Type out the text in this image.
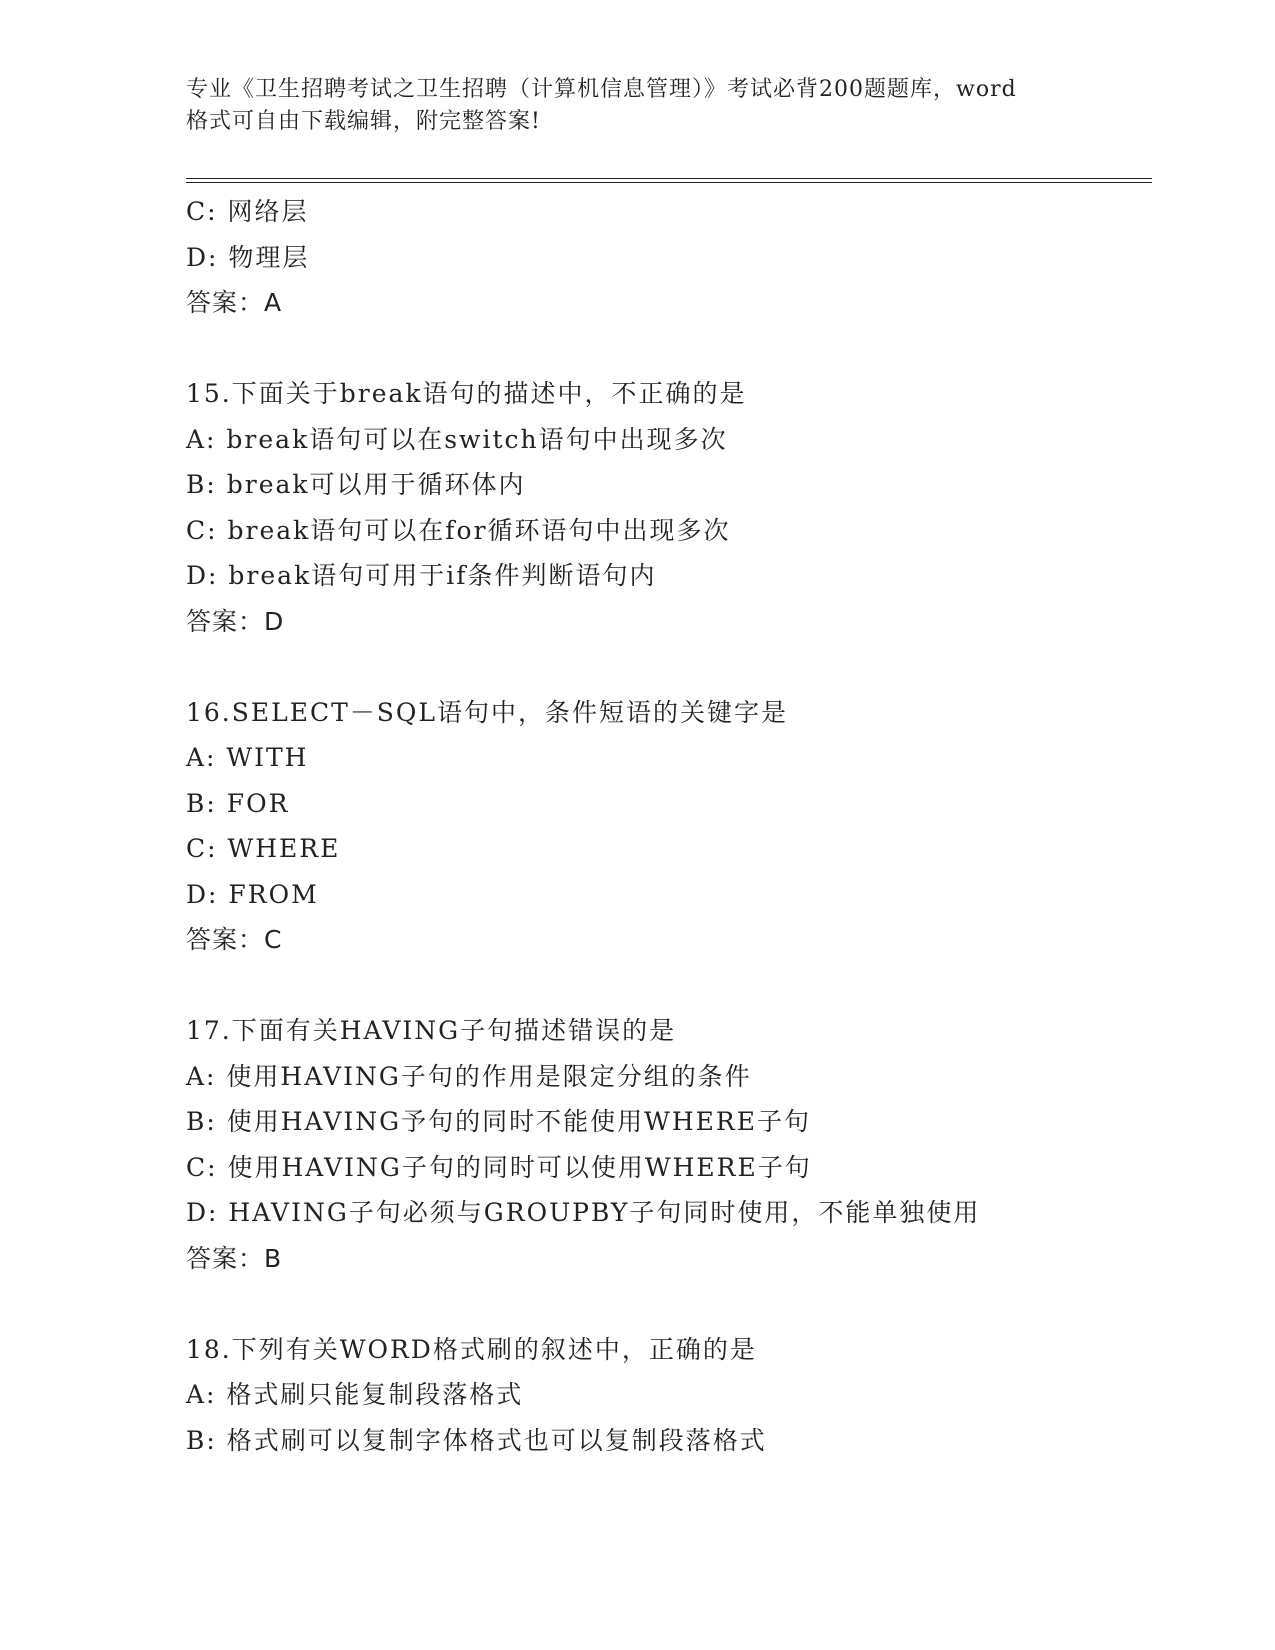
专业《卫生招聘考试之卫生招聘（计算机信息管理）》考试必背200题题库，word
格式可自由下载编辑，附完整答案!
C: 网络层
D: 物理层
答案：A
15.下面关于break语句的描述中，不正确的是
A: break语句可以在switch语句中出现多次
B: break可以用于循环体内
C: break语句可以在for循环语句中出现多次
D: break语句可用于if条件判断语句内
答案：D
16.SELECT－SQL语句中，条件短语的关键字是
A: WITH
B: FOR
C: WHERE
D: FROM
答案：C
17.下面有关HAVING子句描述错误的是
A: 使用HAVING子句的作用是限定分组的条件
B: 使用HAVING予句的同时不能使用WHERE子句
C: 使用HAVING子句的同时可以使用WHERE子句
D: HAVING子句必须与GROUPBY子句同时使用，不能单独使用
答案：B
18.下列有关WORD格式刷的叙述中，正确的是
A: 格式刷只能复制段落格式
B: 格式刷可以复制字体格式也可以复制段落格式
